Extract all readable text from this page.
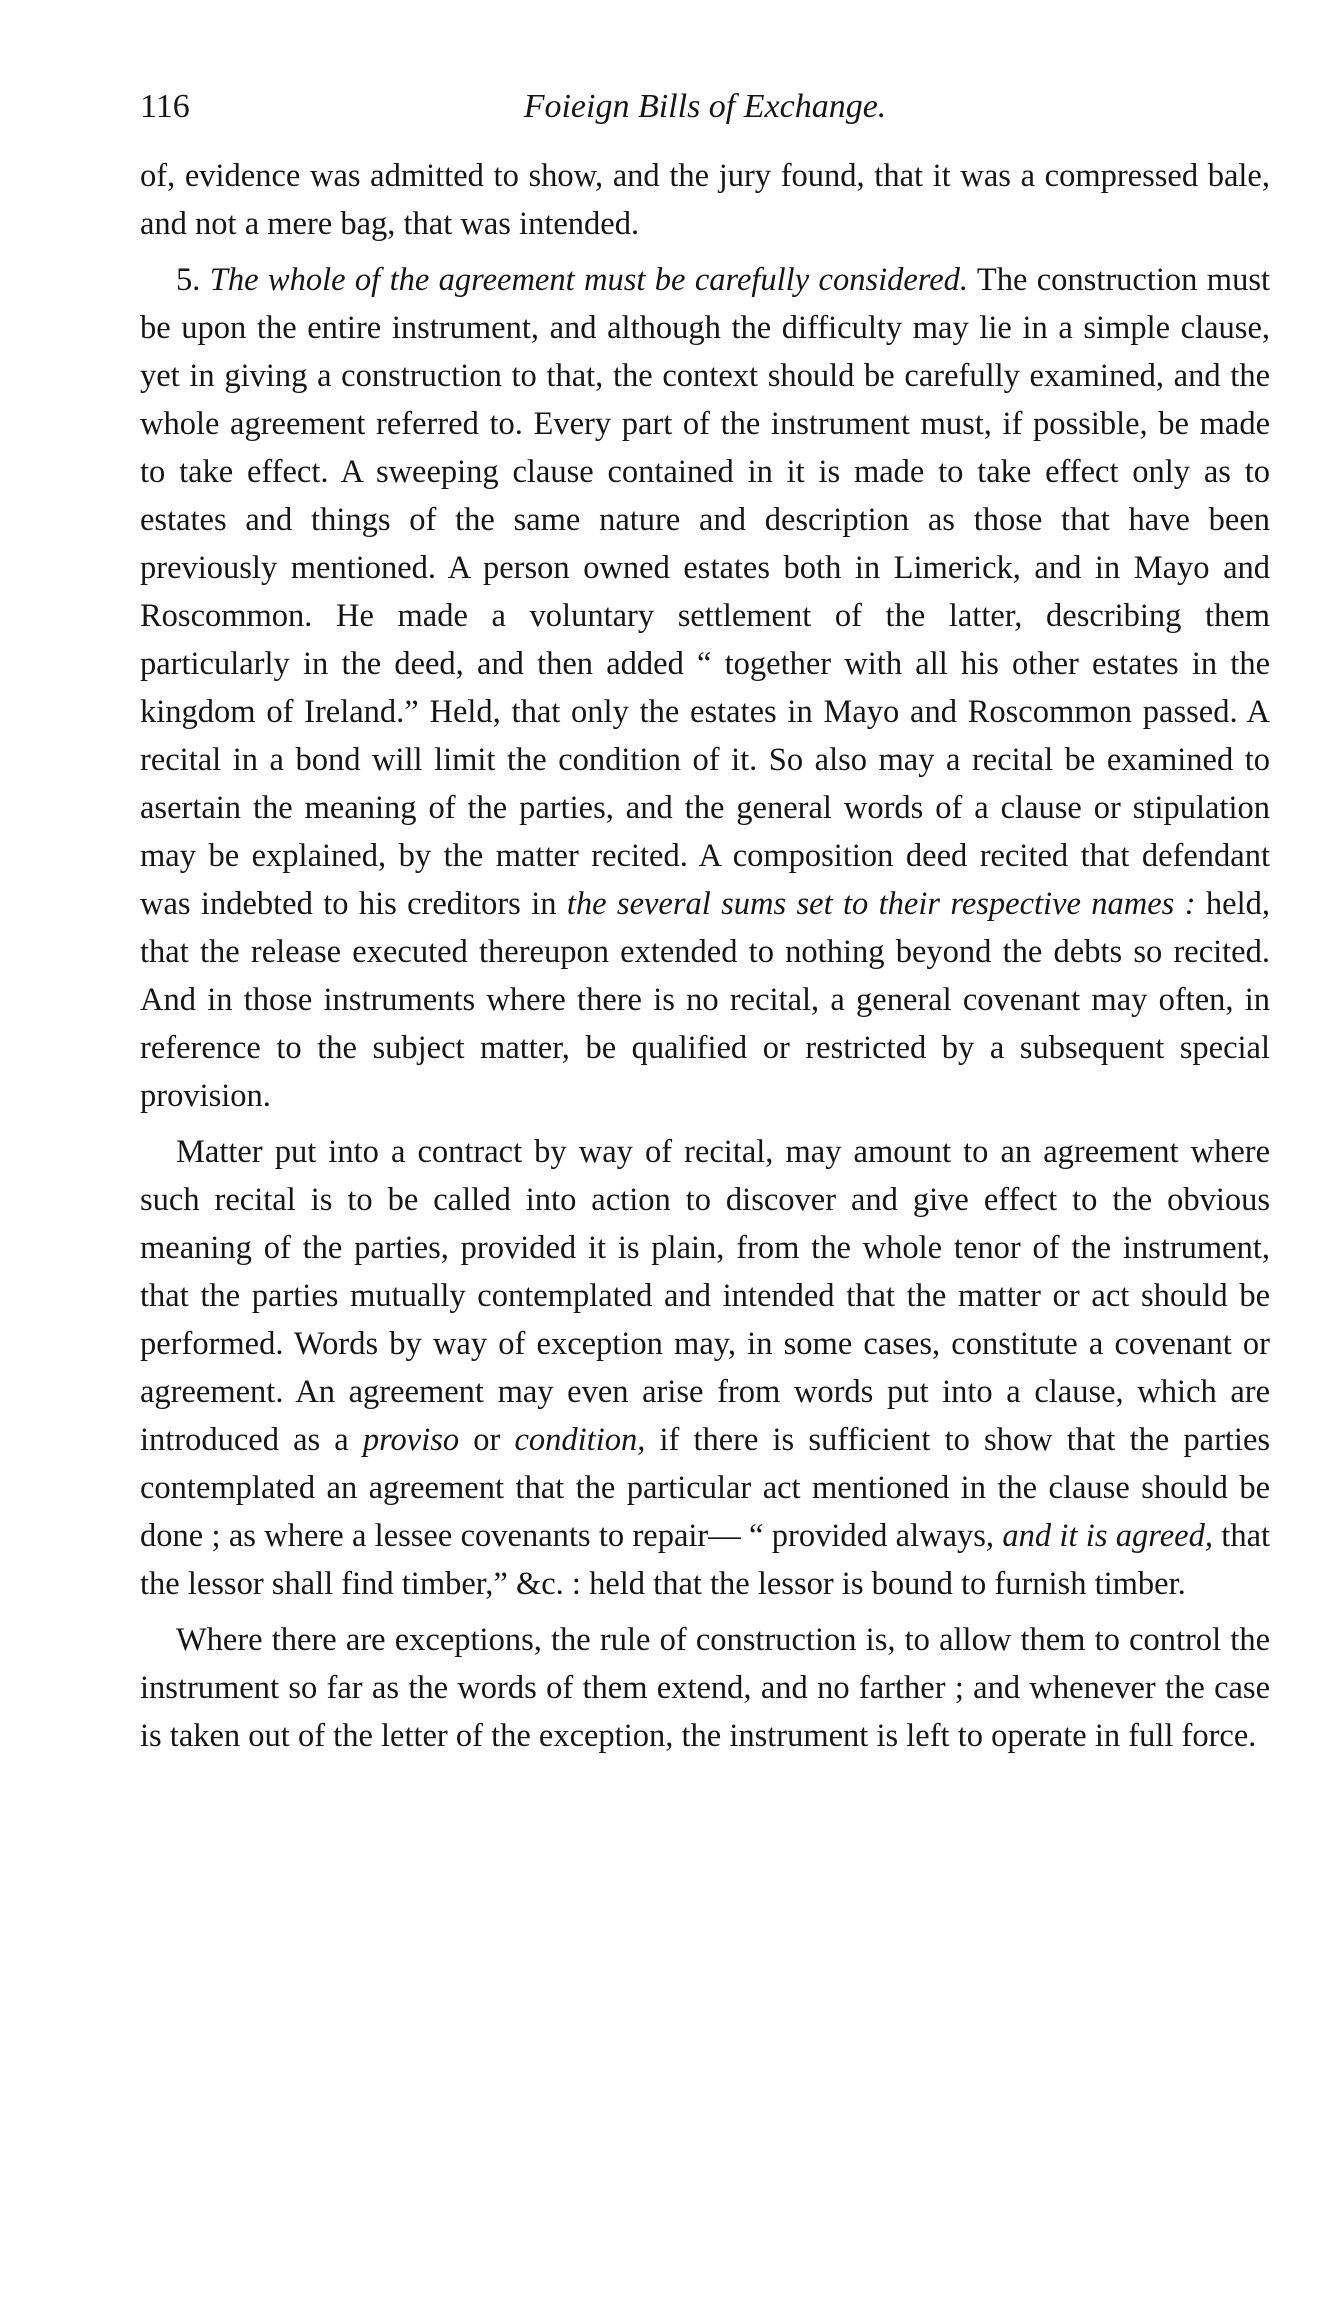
116	Foieign Bills of Exchange.

of, evidence was admitted to show, and the jury found, that it was a compressed bale, and not a mere bag, that was intended.

5. The whole of the agreement must be carefully considered. The construction must be upon the entire instrument, and although the difficulty may lie in a simple clause, yet in giving a construction to that, the context should be carefully examined, and the whole agreement referred to. Every part of the instrument must, if possible, be made to take effect. A sweeping clause contained in it is made to take effect only as to estates and things of the same nature and description as those that have been previously mentioned. A person owned estates both in Limerick, and in Mayo and Roscommon. He made a voluntary settlement of the latter, describing them particularly in the deed, and then added “ together with all his other estates in the kingdom of Ireland.” Held, that only the estates in Mayo and Roscommon passed. A recital in a bond will limit the condition of it. So also may a recital be examined to asertain the meaning of the parties, and the general words of a clause or stipulation may be explained, by the matter recited. A composition deed recited that defendant was indebted to his creditors in the several sums set to their respective names : held, that the release executed thereupon extended to nothing beyond the debts so recited. And in those instruments where there is no recital, a general covenant may often, in reference to the subject matter, be qualified or restricted by a subsequent special provision.

Matter put into a contract by way of recital, may amount to an agreement where such recital is to be called into action to discover and give effect to the obvious meaning of the parties, provided it is plain, from the whole tenor of the instrument, that the parties mutually contemplated and intended that the matter or act should be performed. Words by way of exception may, in some cases, constitute a covenant or agreement. An agreement may even arise from words put into a clause, which are introduced as a proviso or condition, if there is sufficient to show that the parties contemplated an agreement that the particular act mentioned in the clause should be done ; as where a lessee covenants to repair— “ provided always, and it is agreed, that the lessor shall find timber,” &c. : held that the lessor is bound to furnish timber.

Where there are exceptions, the rule of construction is, to allow them to control the instrument so far as the words of them extend, and no farther ; and whenever the case is taken out of the letter of the exception, the instrument is left to operate in full force.
